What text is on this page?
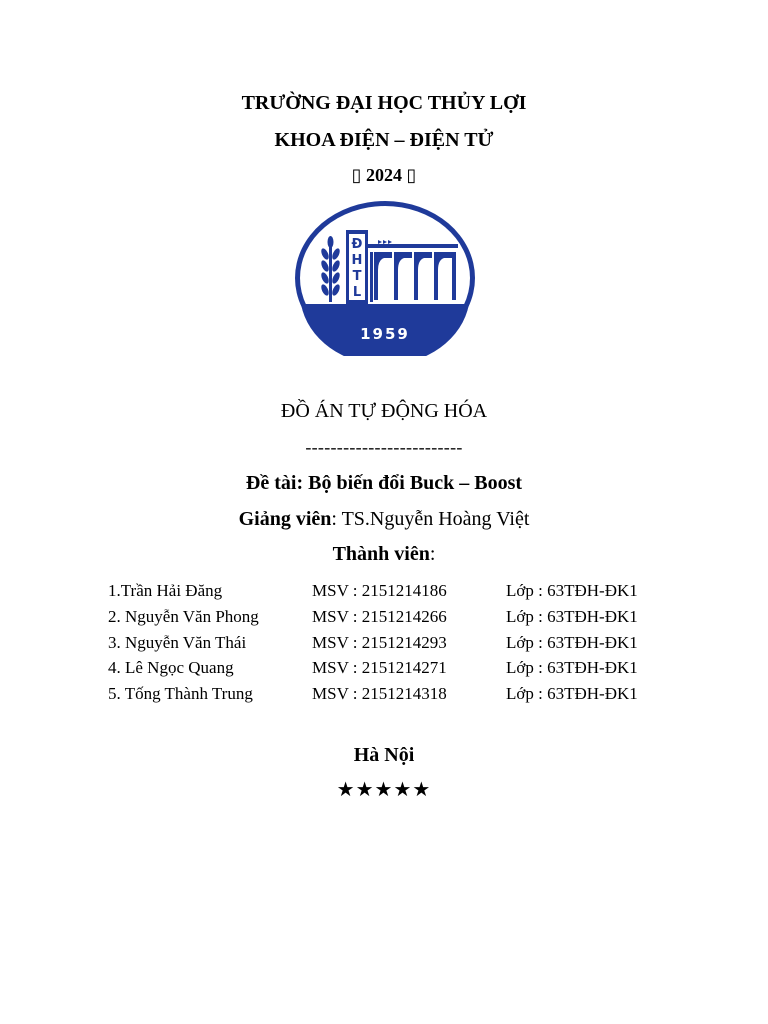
TRƯỜNG ĐẠI HỌC THỦY LỢI
KHOA ĐIỆN – ĐIỆN TỬ
▯ 2024 ▯
1959
Đ
H
T
L
ĐỒ ÁN TỰ ĐỘNG HÓA
-------------------------
Đề tài: Bộ biến đổi Buck – Boost
Giảng viên: TS.Nguyễn Hoàng Việt
Thành viên:
1.Trần Hải Đăng	MSV : 2151214186	Lớp : 63TĐH-ĐK1
2. Nguyễn Văn Phong	MSV : 2151214266	Lớp : 63TĐH-ĐK1
3. Nguyễn Văn Thái	MSV : 2151214293	Lớp : 63TĐH-ĐK1
4. Lê Ngọc Quang	MSV : 2151214271	Lớp : 63TĐH-ĐK1
5. Tống Thành Trung	MSV : 2151214318	Lớp : 63TĐH-ĐK1
Hà Nội
★★★★★
